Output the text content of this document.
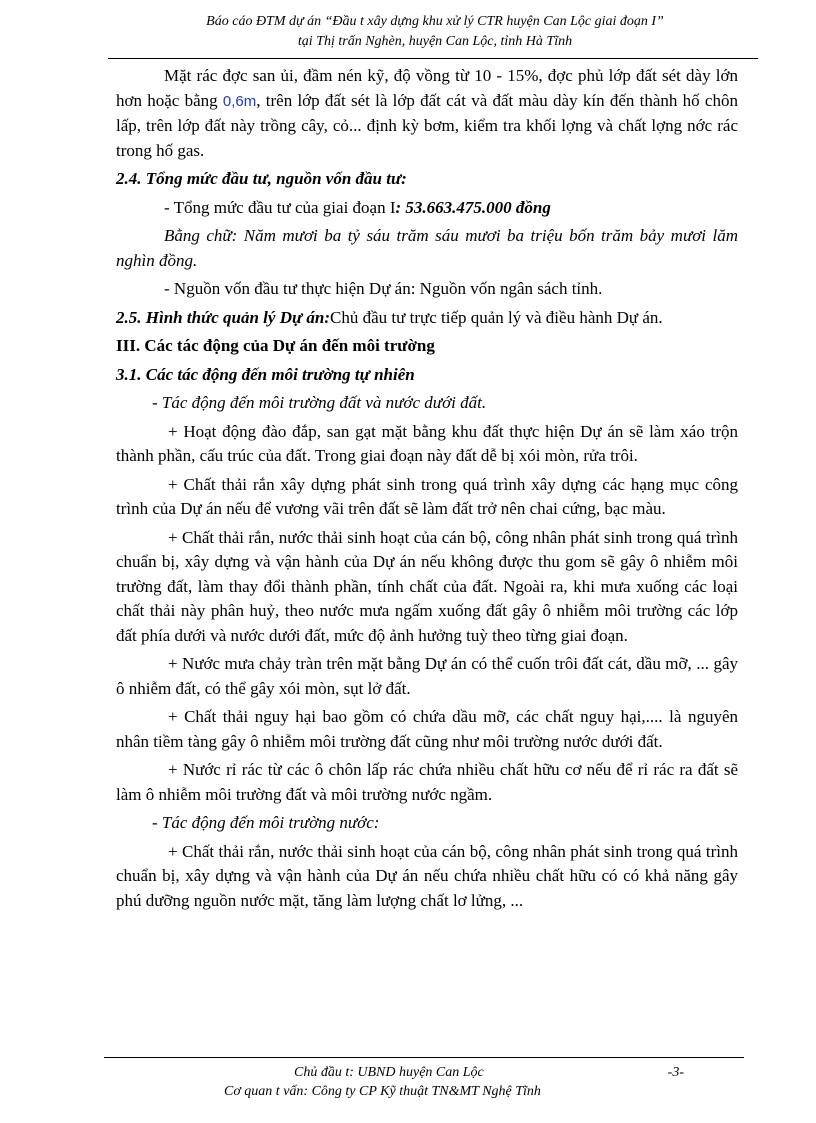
Báo cáo ĐTM dự án “Đầu t xây dựng khu xử lý CTR huyện Can Lộc giai đoạn I”
tại Thị trấn Nghèn, huyện Can Lộc, tỉnh Hà Tĩnh

Mặt rác đợc san ủi, đầm nén kỹ, độ vồng từ 10 - 15%, đợc phủ lớp đất sét dày lớn hơn hoặc bằng 0,6m, trên lớp đất sét là lớp đất cát và đất màu dày kín đến thành hố chôn lấp, trên lớp đất này trồng cây, cỏ... định kỳ bơm, kiểm tra khối lợng và chất lợng nớc rác trong hố gas.

2.4. Tổng mức đầu tư, nguồn vốn đầu tư:

- Tổng mức đầu tư của giai đoạn I: 53.663.475.000 đồng

Bằng chữ: Năm mươi ba tỷ sáu trăm sáu mươi ba triệu bốn trăm bảy mươi lăm nghìn đồng.

- Nguồn vốn đầu tư thực hiện Dự án: Nguồn vốn ngân sách tỉnh.

2.5. Hình thức quản lý Dự án:Chủ đầu tư trực tiếp quản lý và điều hành Dự án.

III. Các tác động của Dự án đến môi trường

3.1. Các tác động đến môi trường tự nhiên

- Tác động đến môi trường đất và nước dưới đất.

+ Hoạt động đào đắp, san gạt mặt bằng khu đất thực hiện Dự án sẽ làm xáo trộn thành phần, cấu trúc của đất. Trong giai đoạn này đất dễ bị xói mòn, rửa trôi.

+ Chất thải rắn xây dựng phát sinh trong quá trình xây dựng các hạng mục công trình của Dự án nếu để vương vãi trên đất sẽ làm đất trở nên chai cứng, bạc màu.

+ Chất thải rắn, nước thải sinh hoạt của cán bộ, công nhân phát sinh trong quá trình chuẩn bị, xây dựng và vận hành của Dự án nếu không được thu gom sẽ gây ô nhiễm môi trường đất, làm thay đổi thành phần, tính chất của đất. Ngoài ra, khi mưa xuống các loại chất thải này phân huỷ, theo nước mưa ngấm xuống đất gây ô nhiễm môi trường các lớp đất phía dưới và nước dưới đất, mức độ ảnh hưởng tuỳ theo từng giai đoạn.

+ Nước mưa chảy tràn trên mặt bằng Dự án có thể cuốn trôi đất cát, dầu mỡ, ... gây ô nhiễm đất, có thể gây xói mòn, sụt lở đất.

+ Chất thải nguy hại bao gồm có chứa dầu mỡ, các chất nguy hại,.... là nguyên nhân tiềm tàng gây ô nhiễm môi trường đất cũng như môi trường nước dưới đất.

+ Nước rỉ rác từ các ô chôn lấp rác chứa nhiều chất hữu cơ nếu để rỉ rác ra đất sẽ làm ô nhiễm môi trường đất và môi trường nước ngầm.

- Tác động đến môi trường nước:

+ Chất thải rắn, nước thải sinh hoạt của cán bộ, công nhân phát sinh trong quá trình chuẩn bị, xây dựng và vận hành của Dự án nếu chứa nhiều chất hữu có có khả năng gây phú dưỡng nguồn nước mặt, tăng làm lượng chất lơ lửng, ...

Chủ đầu t: UBND huyện Can Lộc	-3-
Cơ quan t vấn: Công ty CP Kỹ thuật TN&MT Nghệ Tĩnh
